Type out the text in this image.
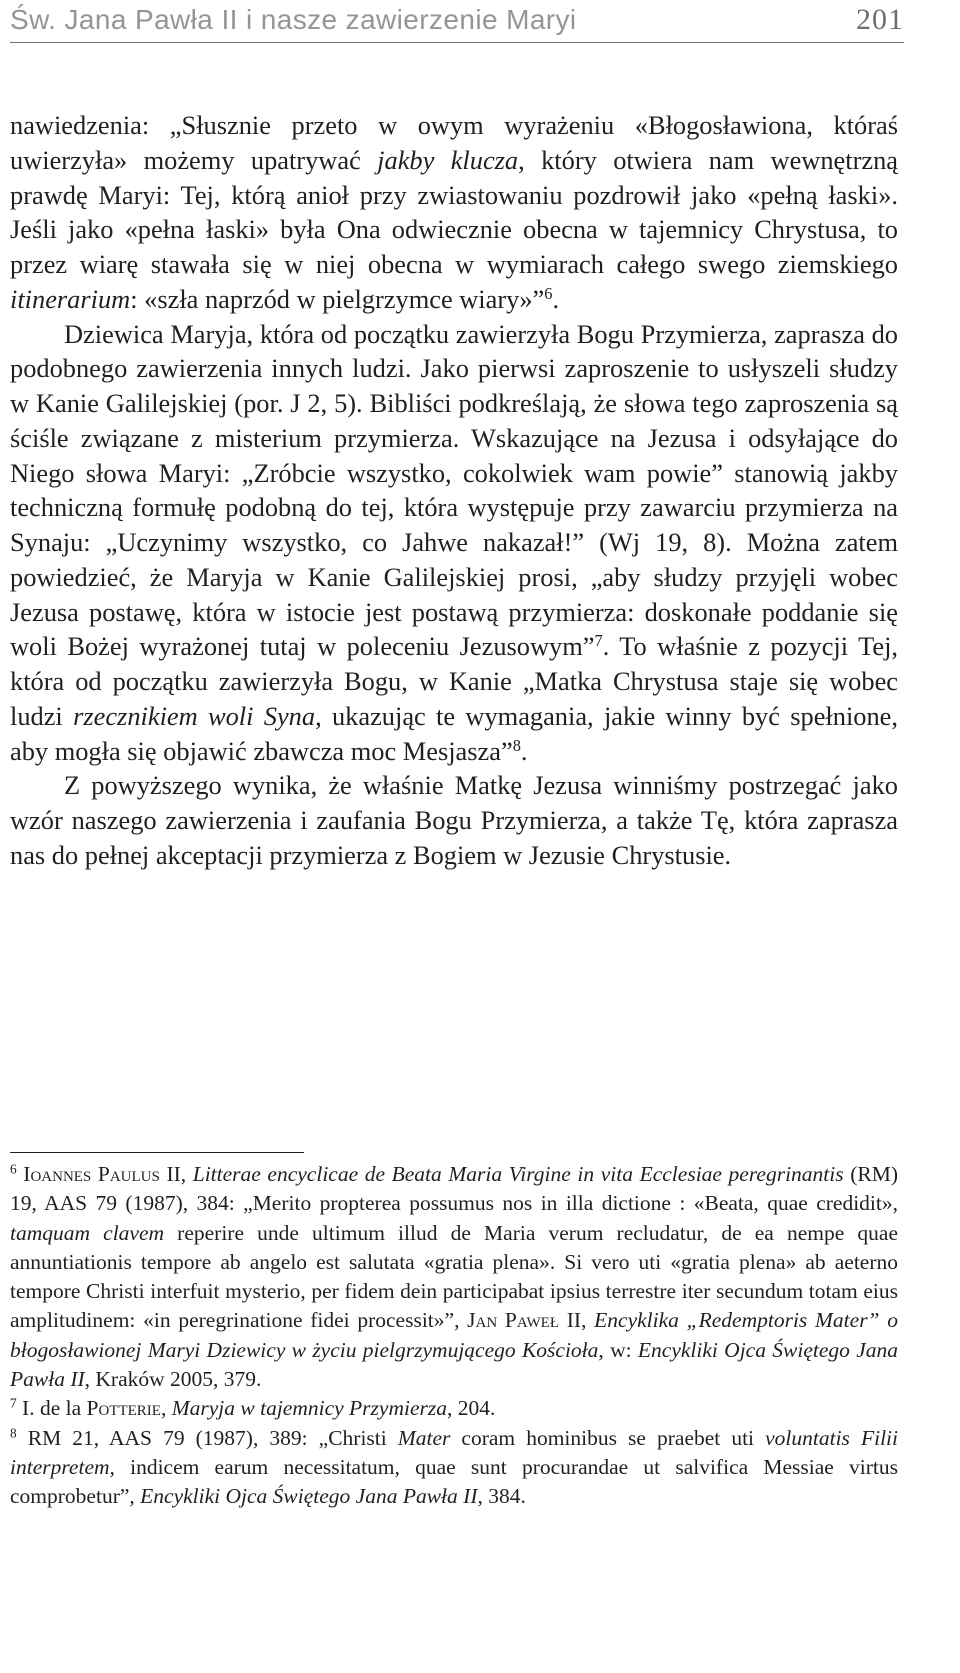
Św. Jana Pawła II i nasze zawierzenie Maryi	201

nawiedzenia: „Słusznie przeto w owym wyrażeniu «Błogosławiona, któraś uwierzyła» możemy upatrywać jakby klucza, który otwiera nam wewnętrzną prawdę Maryi: Tej, którą anioł przy zwiastowaniu pozdrowił jako «pełną łaski». Jeśli jako «pełna łaski» była Ona odwiecznie obecna w tajemnicy Chrystusa, to przez wiarę stawała się w niej obecna w wymiarach całego swego ziemskiego itinerarium: «szła naprzód w pielgrzymce wiary»”$^6$.

Dziewica Maryja, która od początku zawierzyła Bogu Przymierza, zaprasza do podobnego zawierzenia innych ludzi. Jako pierwsi zaproszenie to usłyszeli słudzy w Kanie Galilejskiej (por. J 2, 5). Bibliści podkreślają, że słowa tego zaproszenia są ściśle związane z misterium przymierza. Wskazujące na Jezusa i odsyłające do Niego słowa Maryi: „Zróbcie wszystko, cokolwiek wam powie” stanowią jakby techniczną formułę podobną do tej, która występuje przy zawarciu przymierza na Synaju: „Uczynimy wszystko, co Jahwe nakazał!” (Wj 19, 8). Można zatem powiedzieć, że Maryja w Kanie Galilejskiej prosi, „aby słudzy przyjęli wobec Jezusa postawę, która w istocie jest postawą przymierza: doskonałe poddanie się woli Bożej wyrażonej tutaj w poleceniu Jezusowym”$^7$. To właśnie z pozycji Tej, która od początku zawierzyła Bogu, w Kanie „Matka Chrystusa staje się wobec ludzi rzecznikiem woli Syna, ukazując te wymagania, jakie winny być spełnione, aby mogła się objawić zbawcza moc Mesjasza”$^8$.

Z powyższego wynika, że właśnie Matkę Jezusa winniśmy postrzegać jako wzór naszego zawierzenia i zaufania Bogu Przymierza, a także Tę, która zaprasza nas do pełnej akceptacji przymierza z Bogiem w Jezusie Chrystusie.

$^6$ Ioannes Paulus II, Litterae encyclicae de Beata Maria Virgine in vita Ecclesiae peregrinantis (RM) 19, AAS 79 (1987), 384: „Merito propterea possumus nos in illa dictione : «Beata, quae credidit», tamquam clavem reperire unde ultimum illud de Maria verum recludatur, de ea nempe quae annuntiationis tempore ab angelo est salutata «gratia plena». Si vero uti «gratia plena» ab aeterno tempore Christi interfuit mysterio, per fidem dein participabat ipsius terrestre iter secundum totam eius amplitudinem: «in peregrinatione fidei processit»”, Jan Paweł II, Encyklika „Redemptoris Mater” o błogosławionej Maryi Dziewicy w życiu pielgrzymującego Kościoła, w: Encykliki Ojca Świętego Jana Pawła II, Kraków 2005, 379.

$^7$ I. de la Potterie, Maryja w tajemnicy Przymierza, 204.

$^8$ RM 21, AAS 79 (1987), 389: „Christi Mater coram hominibus se praebet uti voluntatis Filii interpretem, indicem earum necessitatum, quae sunt procurandae ut salvifica Messiae virtus comprobetur”, Encykliki Ojca Świętego Jana Pawła II, 384.
